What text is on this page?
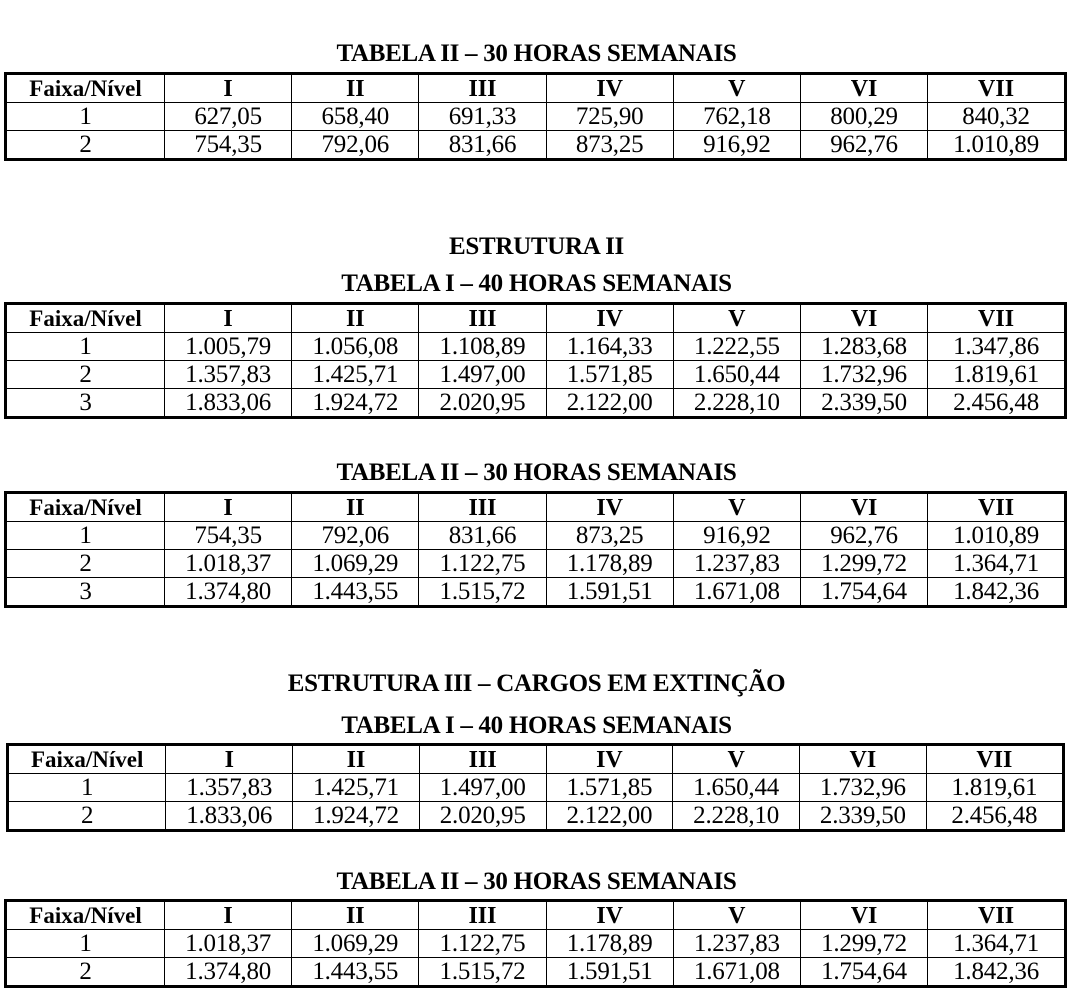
TABELA II – 30 HORAS SEMANAIS
Faixa/Nível	I	II	III	IV	V	VI	VII
1	627,05	658,40	691,33	725,90	762,18	800,29	840,32
2	754,35	792,06	831,66	873,25	916,92	962,76	1.010,89
ESTRUTURA II
TABELA I – 40 HORAS SEMANAIS
Faixa/Nível	I	II	III	IV	V	VI	VII
1	1.005,79	1.056,08	1.108,89	1.164,33	1.222,55	1.283,68	1.347,86
2	1.357,83	1.425,71	1.497,00	1.571,85	1.650,44	1.732,96	1.819,61
3	1.833,06	1.924,72	2.020,95	2.122,00	2.228,10	2.339,50	2.456,48
TABELA II – 30 HORAS SEMANAIS
Faixa/Nível	I	II	III	IV	V	VI	VII
1	754,35	792,06	831,66	873,25	916,92	962,76	1.010,89
2	1.018,37	1.069,29	1.122,75	1.178,89	1.237,83	1.299,72	1.364,71
3	1.374,80	1.443,55	1.515,72	1.591,51	1.671,08	1.754,64	1.842,36
ESTRUTURA III – CARGOS EM EXTINÇÃO
TABELA I – 40 HORAS SEMANAIS
Faixa/Nível	I	II	III	IV	V	VI	VII
1	1.357,83	1.425,71	1.497,00	1.571,85	1.650,44	1.732,96	1.819,61
2	1.833,06	1.924,72	2.020,95	2.122,00	2.228,10	2.339,50	2.456,48
TABELA II – 30 HORAS SEMANAIS
Faixa/Nível	I	II	III	IV	V	VI	VII
1	1.018,37	1.069,29	1.122,75	1.178,89	1.237,83	1.299,72	1.364,71
2	1.374,80	1.443,55	1.515,72	1.591,51	1.671,08	1.754,64	1.842,36
